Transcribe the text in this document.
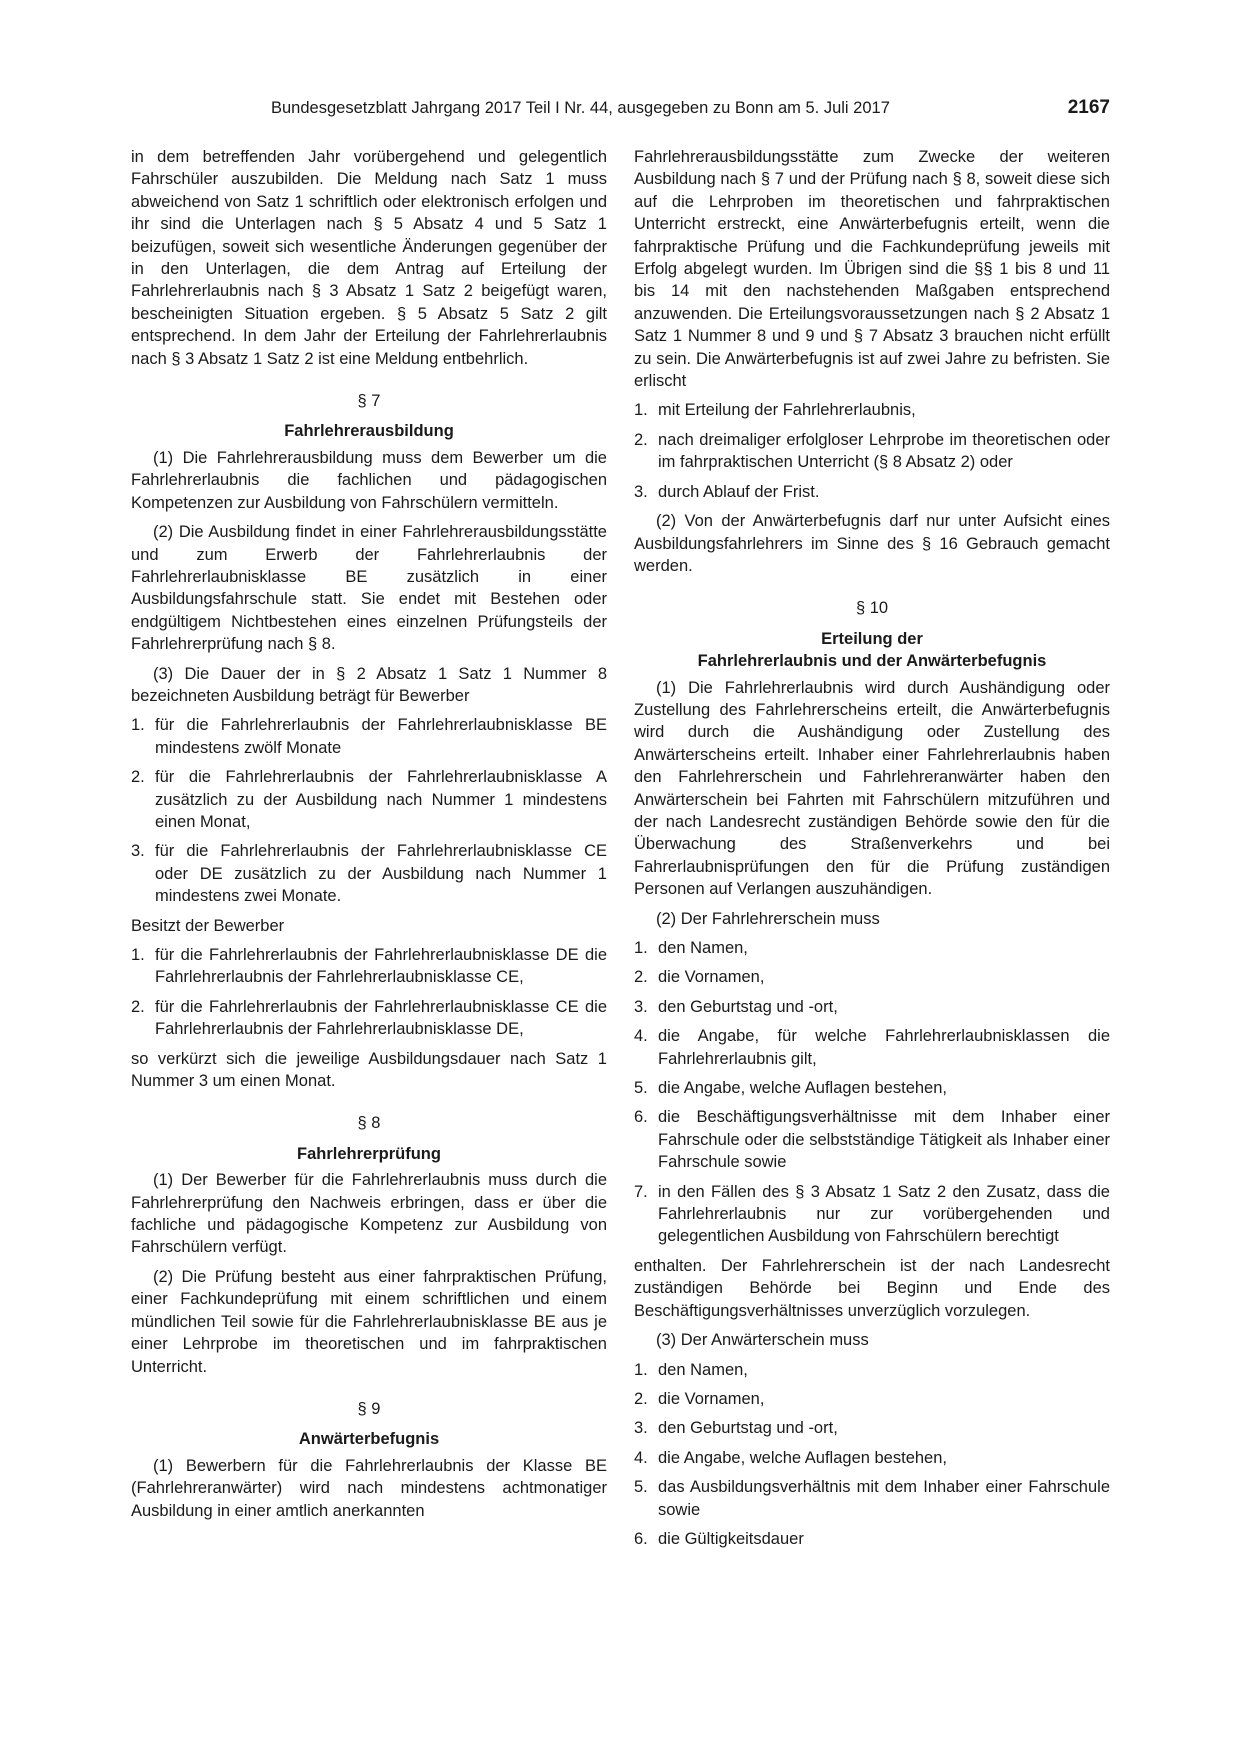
Bundesgesetzblatt Jahrgang 2017 Teil I Nr. 44, ausgegeben zu Bonn am 5. Juli 2017	2167

in dem betreffenden Jahr vorübergehend und gelegentlich Fahrschüler auszubilden. Die Meldung nach Satz 1 muss abweichend von Satz 1 schriftlich oder elektronisch erfolgen und ihr sind die Unterlagen nach § 5 Absatz 4 und 5 Satz 1 beizufügen, soweit sich wesentliche Änderungen gegenüber der in den Unterlagen, die dem Antrag auf Erteilung der Fahrlehrerlaubnis nach § 3 Absatz 1 Satz 2 beigefügt waren, bescheinigten Situation ergeben. § 5 Absatz 5 Satz 2 gilt entsprechend. In dem Jahr der Erteilung der Fahrlehrerlaubnis nach § 3 Absatz 1 Satz 2 ist eine Meldung entbehrlich.

§ 7
Fahrlehrerausbildung

(1) Die Fahrlehrerausbildung muss dem Bewerber um die Fahrlehrerlaubnis die fachlichen und pädagogischen Kompetenzen zur Ausbildung von Fahrschülern vermitteln.

(2) Die Ausbildung findet in einer Fahrlehrerausbildungsstätte und zum Erwerb der Fahrlehrerlaubnis der Fahrlehrerlaubnisklasse BE zusätzlich in einer Ausbildungsfahrschule statt. Sie endet mit Bestehen oder endgültigem Nichtbestehen eines einzelnen Prüfungsteils der Fahrlehrerprüfung nach § 8.

(3) Die Dauer der in § 2 Absatz 1 Satz 1 Nummer 8 bezeichneten Ausbildung beträgt für Bewerber

1. für die Fahrlehrerlaubnis der Fahrlehrerlaubnisklasse BE mindestens zwölf Monate
2. für die Fahrlehrerlaubnis der Fahrlehrerlaubnisklasse A zusätzlich zu der Ausbildung nach Nummer 1 mindestens einen Monat,
3. für die Fahrlehrerlaubnis der Fahrlehrerlaubnisklasse CE oder DE zusätzlich zu der Ausbildung nach Nummer 1 mindestens zwei Monate.

Besitzt der Bewerber

1. für die Fahrlehrerlaubnis der Fahrlehrerlaubnisklasse DE die Fahrlehrerlaubnis der Fahrlehrerlaubnisklasse CE,
2. für die Fahrlehrerlaubnis der Fahrlehrerlaubnisklasse CE die Fahrlehrerlaubnis der Fahrlehrerlaubnisklasse DE,

so verkürzt sich die jeweilige Ausbildungsdauer nach Satz 1 Nummer 3 um einen Monat.

§ 8
Fahrlehrerprüfung

(1) Der Bewerber für die Fahrlehrerlaubnis muss durch die Fahrlehrerprüfung den Nachweis erbringen, dass er über die fachliche und pädagogische Kompetenz zur Ausbildung von Fahrschülern verfügt.

(2) Die Prüfung besteht aus einer fahrpraktischen Prüfung, einer Fachkundeprüfung mit einem schriftlichen und einem mündlichen Teil sowie für die Fahrlehrerlaubnisklasse BE aus je einer Lehrprobe im theoretischen und im fahrpraktischen Unterricht.

§ 9
Anwärterbefugnis

(1) Bewerbern für die Fahrlehrerlaubnis der Klasse BE (Fahrlehreranwärter) wird nach mindestens achtmonatiger Ausbildung in einer amtlich anerkannten

Fahrlehrerausbildungsstätte zum Zwecke der weiteren Ausbildung nach § 7 und der Prüfung nach § 8, soweit diese sich auf die Lehrproben im theoretischen und fahrpraktischen Unterricht erstreckt, eine Anwärterbefugnis erteilt, wenn die fahrpraktische Prüfung und die Fachkundeprüfung jeweils mit Erfolg abgelegt wurden. Im Übrigen sind die §§ 1 bis 8 und 11 bis 14 mit den nachstehenden Maßgaben entsprechend anzuwenden. Die Erteilungsvoraussetzungen nach § 2 Absatz 1 Satz 1 Nummer 8 und 9 und § 7 Absatz 3 brauchen nicht erfüllt zu sein. Die Anwärterbefugnis ist auf zwei Jahre zu befristen. Sie erlischt

1. mit Erteilung der Fahrlehrerlaubnis,
2. nach dreimaliger erfolgloser Lehrprobe im theoretischen oder im fahrpraktischen Unterricht (§ 8 Absatz 2) oder
3. durch Ablauf der Frist.

(2) Von der Anwärterbefugnis darf nur unter Aufsicht eines Ausbildungsfahrlehrers im Sinne des § 16 Gebrauch gemacht werden.

§ 10
Erteilung der
Fahrlehrerlaubnis und der Anwärterbefugnis

(1) Die Fahrlehrerlaubnis wird durch Aushändigung oder Zustellung des Fahrlehrerscheins erteilt, die Anwärterbefugnis wird durch die Aushändigung oder Zustellung des Anwärterscheins erteilt. Inhaber einer Fahrlehrerlaubnis haben den Fahrlehrerschein und Fahrlehreranwärter haben den Anwärterschein bei Fahrten mit Fahrschülern mitzuführen und der nach Landesrecht zuständigen Behörde sowie den für die Überwachung des Straßenverkehrs und bei Fahrerlaubnisprüfungen den für die Prüfung zuständigen Personen auf Verlangen auszuhändigen.

(2) Der Fahrlehrerschein muss

1. den Namen,
2. die Vornamen,
3. den Geburtstag und -ort,
4. die Angabe, für welche Fahrlehrerlaubnisklassen die Fahrlehrerlaubnis gilt,
5. die Angabe, welche Auflagen bestehen,
6. die Beschäftigungsverhältnisse mit dem Inhaber einer Fahrschule oder die selbstständige Tätigkeit als Inhaber einer Fahrschule sowie
7. in den Fällen des § 3 Absatz 1 Satz 2 den Zusatz, dass die Fahrlehrerlaubnis nur zur vorübergehenden und gelegentlichen Ausbildung von Fahrschülern berechtigt

enthalten. Der Fahrlehrerschein ist der nach Landesrecht zuständigen Behörde bei Beginn und Ende des Beschäftigungsverhältnisses unverzüglich vorzulegen.

(3) Der Anwärterschein muss

1. den Namen,
2. die Vornamen,
3. den Geburtstag und -ort,
4. die Angabe, welche Auflagen bestehen,
5. das Ausbildungsverhältnis mit dem Inhaber einer Fahrschule sowie
6. die Gültigkeitsdauer
